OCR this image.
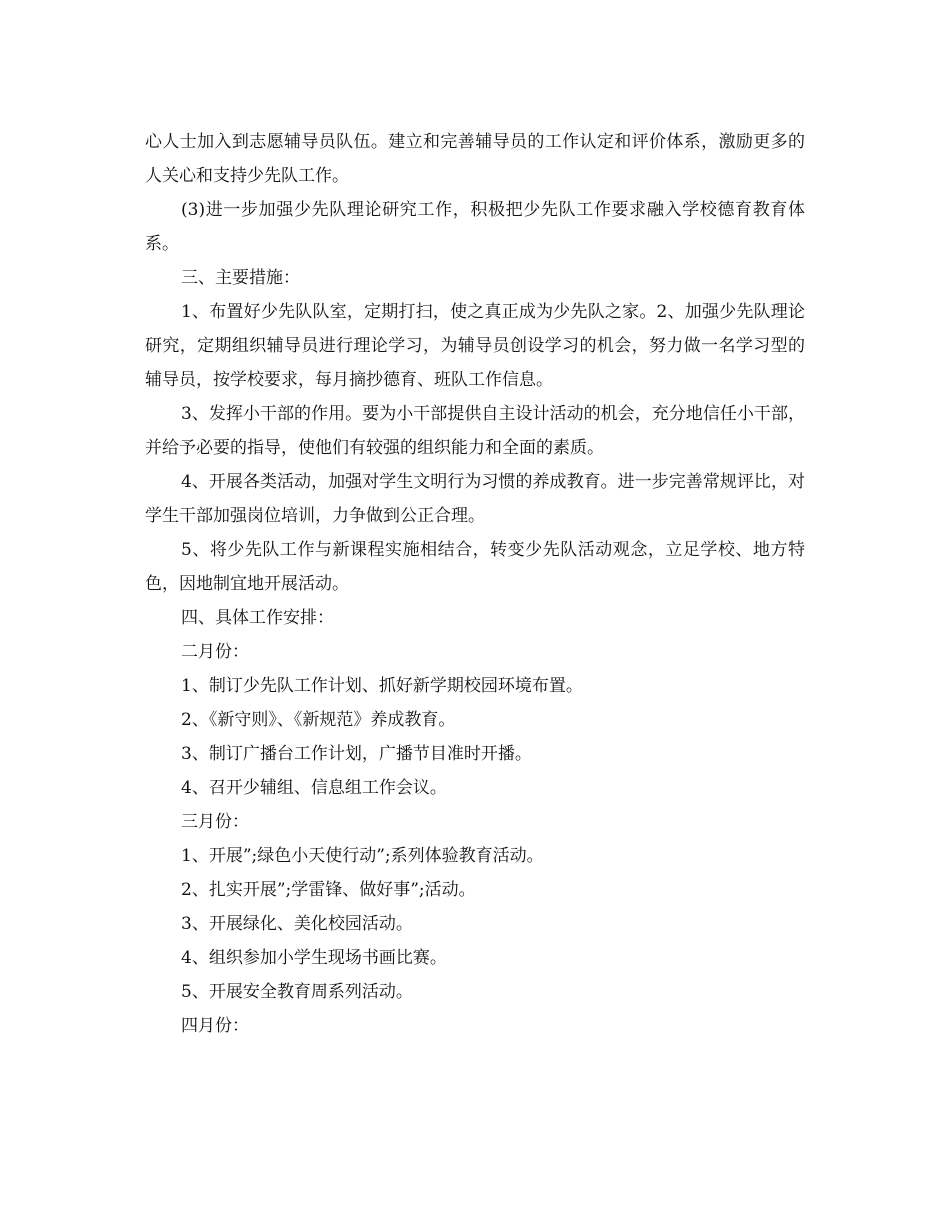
心人士加入到志愿辅导员队伍。建立和完善辅导员的工作认定和评价体系，激励更多的人关心和支持少先队工作。

(3)进一步加强少先队理论研究工作，积极把少先队工作要求融入学校德育教育体系。

三、主要措施：

1、布置好少先队队室，定期打扫，使之真正成为少先队之家。2、加强少先队理论研究，定期组织辅导员进行理论学习，为辅导员创设学习的机会，努力做一名学习型的辅导员，按学校要求，每月摘抄德育、班队工作信息。

3、发挥小干部的作用。要为小干部提供自主设计活动的机会，充分地信任小干部，并给予必要的指导，使他们有较强的组织能力和全面的素质。

4、开展各类活动，加强对学生文明行为习惯的养成教育。进一步完善常规评比，对学生干部加强岗位培训，力争做到公正合理。

5、将少先队工作与新课程实施相结合，转变少先队活动观念，立足学校、地方特色，因地制宜地开展活动。

四、具体工作安排：

二月份：

1、制订少先队工作计划、抓好新学期校园环境布置。

2、《新守则》、《新规范》养成教育。

3、制订广播台工作计划，广播节目准时开播。

4、召开少辅组、信息组工作会议。

三月份：

1、开展”;绿色小天使行动”;系列体验教育活动。

2、扎实开展”;学雷锋、做好事”;活动。

3、开展绿化、美化校园活动。

4、组织参加小学生现场书画比赛。

5、开展安全教育周系列活动。

四月份：
